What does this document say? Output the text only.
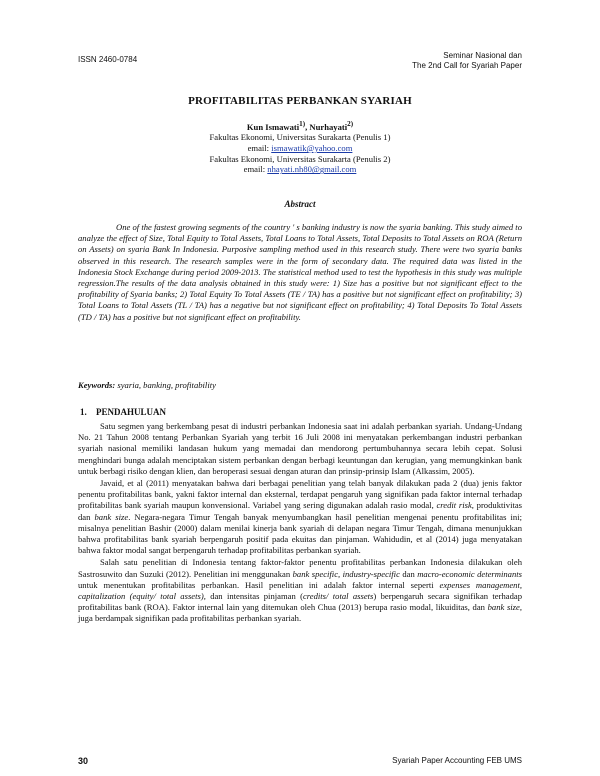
ISSN 2460-0784	Seminar Nasional dan
The 2nd Call for Syariah Paper
PROFITABILITAS PERBANKAN SYARIAH
Kun Ismawati$^{1)}$, Nurhayati$^{2)}$
Fakultas Ekonomi, Universitas Surakarta (Penulis 1)
email: ismawatik@yahoo.com
Fakultas Ekonomi, Universitas Surakarta (Penulis 2)
email: nhayati.nh80@gmail.com
Abstract

One of the fastest growing segments of the country ' s banking industry is now the syaria banking. This study aimed to analyze the effect of Size, Total Equity to Total Assets, Total Loans to Total Assets, Total Deposits to Total Assets on ROA (Return on Assets) on syaria Bank In Indonesia. Purposive sampling method used in this research study. There were two syaria banks observed in this research. The research samples were in the form of secondary data. The required data was listed in the Indonesia Stock Exchange during period 2009-2013. The statistical method used to test the hypothesis in this study was multiple regression.The results of the data analysis obtained in this study were: 1) Size has a positive but not significant effect to the profitability of Syaria banks; 2) Total Equity To Total Assets (TE / TA) has a positive but not significant effect on profitability; 3) Total Loans to Total Assets (TL / TA) has a negative but not significant effect on profitability; 4) Total Deposits To Total Assets (TD / TA) has a positive but not significant effect on profitability.

Keywords: syaria, banking, profitability

1. PENDAHULUAN

Satu segmen yang berkembang pesat di industri perbankan Indonesia saat ini adalah perbankan syariah. Undang-Undang No. 21 Tahun 2008 tentang Perbankan Syariah yang terbit 16 Juli 2008 ini menyatakan perkembangan industri perbankan syariah nasional memiliki landasan hukum yang memadai dan mendorong pertumbuhannya secara lebih cepat. Solusi menghindari bunga adalah menciptakan sistem perbankan dengan berbagi keuntungan dan kerugian, yang memungkinkan bank untuk berbagi risiko dengan klien, dan beroperasi sesuai dengan aturan dan prinsip-prinsip Islam (Alkassim, 2005).

Javaid, et al (2011) menyatakan bahwa dari berbagai penelitian yang telah banyak dilakukan pada 2 (dua) jenis faktor penentu profitabilitas bank, yakni faktor internal dan eksternal, terdapat pengaruh yang signifikan pada faktor internal terhadap profitabilitas bank syariah maupun konvensional. Variabel yang sering digunakan adalah rasio modal, credit risk, produktivitas dan bank size. Negara-negara Timur Tengah banyak menyumbangkan hasil penelitian mengenai penentu profitabilitas ini; misalnya penelitian Bashir (2000) dalam menilai kinerja bank syariah di delapan negara Timur Tengah, dimana menunjukkan bahwa profitabilitas bank syariah berpengaruh positif pada ekuitas dan pinjaman. Wahidudin, et al (2014) juga menyatakan bahwa faktor modal sangat berpengaruh terhadap profitabilitas perbankan syariah.

Salah satu penelitian di Indonesia tentang faktor-faktor penentu profitabilitas perbankan Indonesia dilakukan oleh Sastrosuwito dan Suzuki (2012). Penelitian ini menggunakan bank specific, industry-specific dan macro-economic determinants untuk menentukan profitabilitas perbankan. Hasil penelitian ini adalah faktor internal seperti expenses management, capitalization (equity/ total assets), dan intensitas pinjaman (credits/ total assets) berpengaruh secara signifikan terhadap profitabilitas bank (ROA). Faktor internal lain yang ditemukan oleh Chua (2013) berupa rasio modal, likuiditas, dan bank size, juga berdampak signifikan pada profitabilitas perbankan syariah.

30	Syariah Paper Accounting FEB UMS
